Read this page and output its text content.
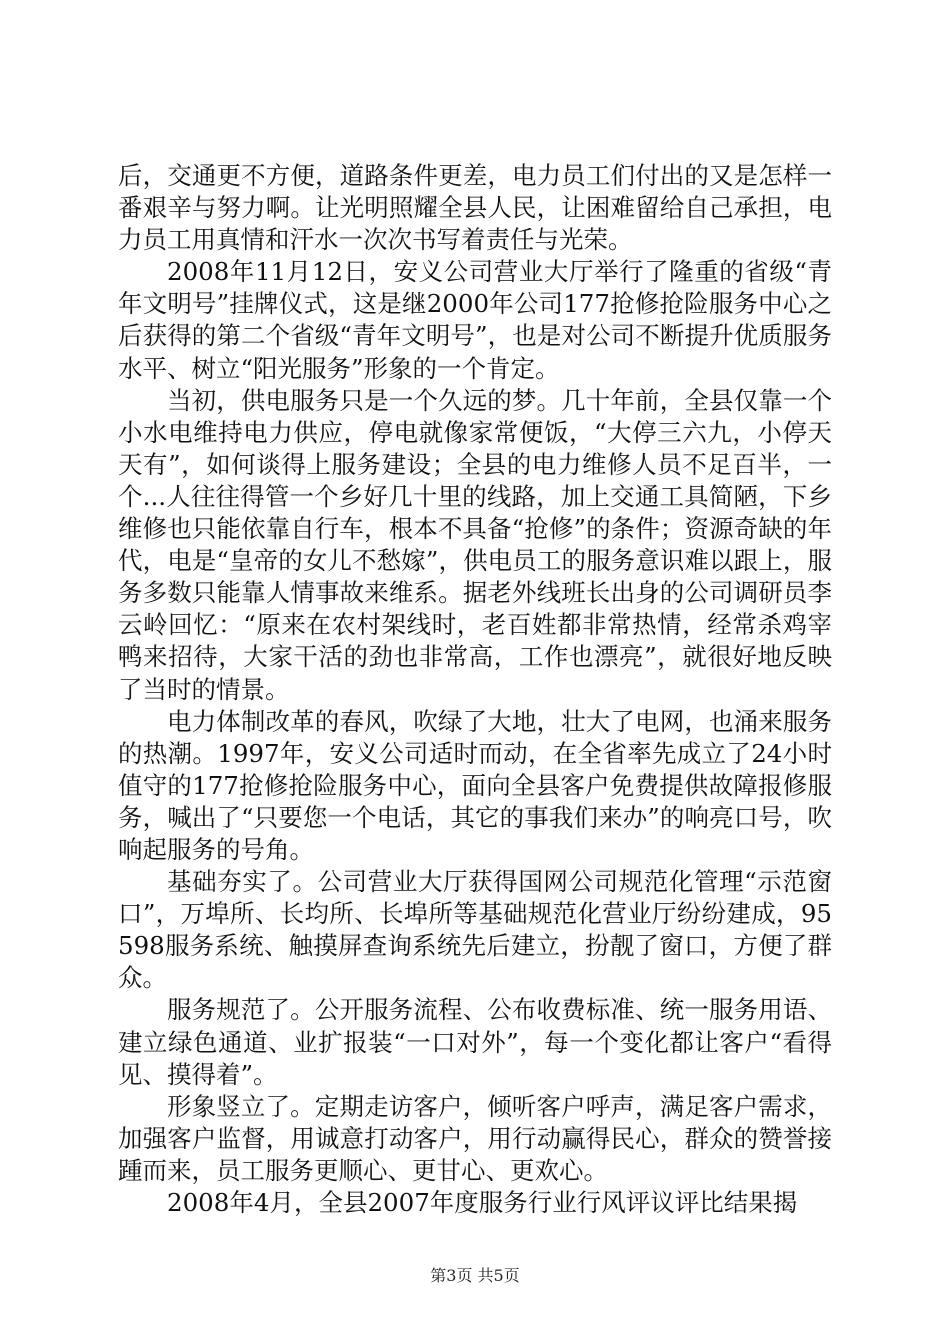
后，交通更不方便，道路条件更差，电力员工们付出的又是怎样一番艰辛与努力啊。让光明照耀全县人民，让困难留给自己承担，电力员工用真情和汗水一次次书写着责任与光荣。

2008年11月12日，安义公司营业大厅举行了隆重的省级“青年文明号”挂牌仪式，这是继2000年公司177抢修抢险服务中心之后获得的第二个省级“青年文明号”，也是对公司不断提升优质服务水平、树立“阳光服务”形象的一个肯定。

当初，供电服务只是一个久远的梦。几十年前，全县仅靠一个小水电维持电力供应，停电就像家常便饭，“大停三六九，小停天天有”，如何谈得上服务建设；全县的电力维修人员不足百半，一个...人往往得管一个乡好几十里的线路，加上交通工具简陋，下乡维修也只能依靠自行车，根本不具备“抢修”的条件；资源奇缺的年代，电是“皇帝的女儿不愁嫁”，供电员工的服务意识难以跟上，服务多数只能靠人情事故来维系。据老外线班长出身的公司调研员李云岭回忆：“原来在农村架线时，老百姓都非常热情，经常杀鸡宰鸭来招待，大家干活的劲也非常高，工作也漂亮”，就很好地反映了当时的情景。

电力体制改革的春风，吹绿了大地，壮大了电网，也涌来服务的热潮。1997年，安义公司适时而动，在全省率先成立了24小时值守的177抢修抢险服务中心，面向全县客户免费提供故障报修服务，喊出了“只要您一个电话，其它的事我们来办”的响亮口号，吹响起服务的号角。

基础夯实了。公司营业大厅获得国网公司规范化管理“示范窗口”，万埠所、长均所、长埠所等基础规范化营业厅纷纷建成，95598服务系统、触摸屏查询系统先后建立，扮靓了窗口，方便了群众。

服务规范了。公开服务流程、公布收费标准、统一服务用语、建立绿色通道、业扩报装“一口对外”，每一个变化都让客户“看得见、摸得着”。

形象竖立了。定期走访客户，倾听客户呼声，满足客户需求，加强客户监督，用诚意打动客户，用行动赢得民心，群众的赞誉接踵而来，员工服务更顺心、更甘心、更欢心。

2008年4月，全县2007年度服务行业行风评议评比结果揭

第3页 共5页
